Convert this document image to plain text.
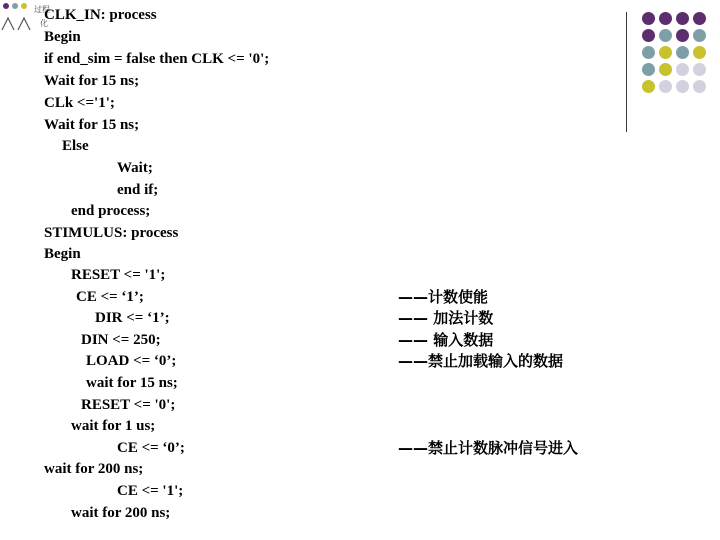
过程
化
CLK_IN: process
Begin
if end_sim = false then CLK <= '0';
Wait for 15 ns;
CLk <='1';
Wait for 15 ns;
Else
Wait;
end if;
end process;
STIMULUS: process
Begin
RESET <= '1';
CE <= ‘1’;
DIR <= ‘1’;
DIN <= 250;
LOAD <= ‘0’;
wait for 15 ns;
RESET <= '0';
wait for 1 us;
CE <= ‘0’;
wait for 200 ns;
CE <= '1';
wait for 200 ns;
——计数使能
—— 加法计数
—— 输入数据
——禁止加载输入的数据
——禁止计数脉冲信号进入
